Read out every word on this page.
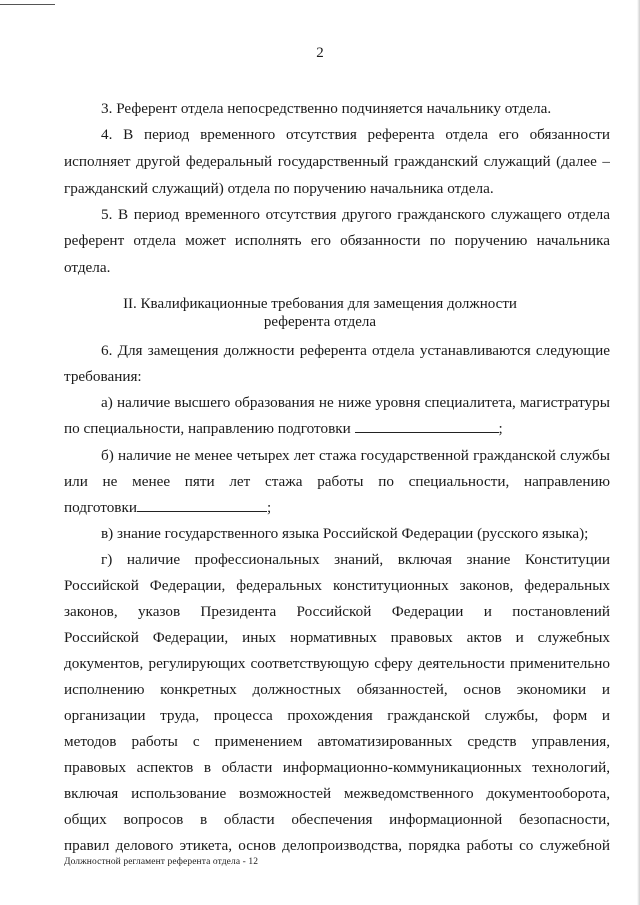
2
3. Референт отдела непосредственно подчиняется начальнику отдела.
4. В период временного отсутствия референта отдела его обязанности
исполняет другой федеральный государственный гражданский служащий (далее –
гражданский служащий) отдела по поручению начальника отдела.
5. В период временного отсутствия другого гражданского служащего отдела
референт отдела может исполнять его обязанности по поручению начальника
отдела.
II. Квалификационные требования для замещения должности
референта отдела
6. Для замещения должности референта отдела устанавливаются следующие
требования:
а) наличие высшего образования не ниже уровня специалитета, магистратуры
по специальности, направлению подготовки	;
б) наличие не менее четырех лет стажа государственной гражданской службы
или не менее пяти лет стажа работы по специальности, направлению
подготовки	;
в) знание государственного языка Российской Федерации (русского языка);
г) наличие профессиональных знаний, включая знание Конституции
Российской Федерации, федеральных конституционных законов, федеральных
законов, указов Президента Российской Федерации и постановлений
Российской Федерации, иных нормативных правовых актов и служебных
документов, регулирующих соответствующую сферу деятельности применительно
исполнению конкретных должностных обязанностей, основ экономики и
организации труда, процесса прохождения гражданской службы, форм и
методов работы с применением автоматизированных средств управления,
правовых аспектов в области информационно-коммуникационных технологий,
включая использование возможностей межведомственного документооборота,
общих вопросов в области обеспечения информационной безопасности,
правил делового этикета, основ делопроизводства, порядка работы со служебной
Должностной регламент референта отдела - 12
